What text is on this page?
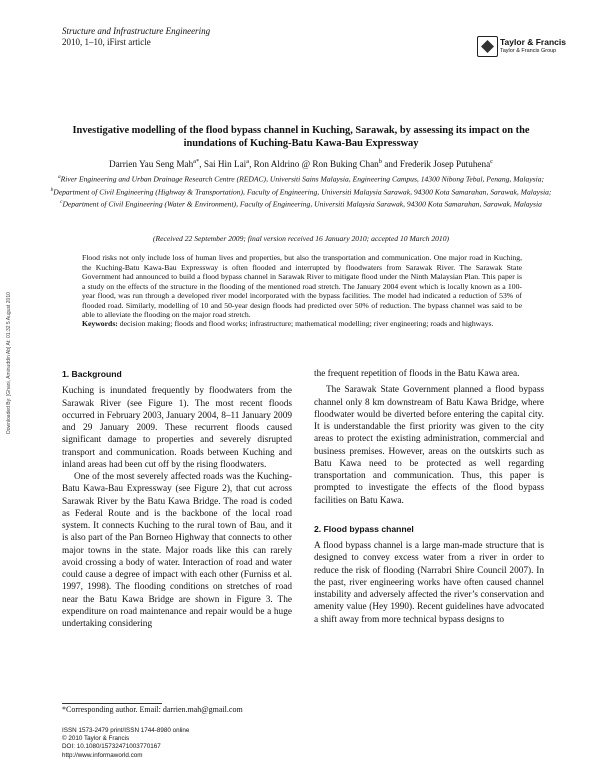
Structure and Infrastructure Engineering
2010, 1–10, iFirst article	Taylor & Francis
Taylor & Francis Group
Downloaded By: [Ghani, Aminuddin Ab] At: 01:32 5 August 2010
Investigative modelling of the flood bypass channel in Kuching, Sarawak, by assessing its impact on the inundations of Kuching-Batu Kawa-Bau Expressway
Darrien Yau Seng Mah$^{a*}$, Sai Hin Lai$^a$, Ron Aldrino @ Ron Buking Chan$^b$ and Frederik Josep Putuhena$^c$
$^a$River Engineering and Urban Drainage Research Centre (REDAC), Universiti Sains Malaysia, Engineering Campus, 14300 Nibong Tebal, Penang, Malaysia; $^b$Department of Civil Engineering (Highway & Transportation), Faculty of Engineering, Universiti Malaysia Sarawak, 94300 Kota Samarahan, Sarawak, Malaysia; $^c$Department of Civil Engineering (Water & Environment), Faculty of Engineering, Universiti Malaysia Sarawak, 94300 Kota Samarahan, Sarawak, Malaysia
(Received 22 September 2009; final version received 16 January 2010; accepted 10 March 2010)
Flood risks not only include loss of human lives and properties, but also the transportation and communication. One major road in Kuching, the Kuching-Batu Kawa-Bau Expressway is often flooded and interrupted by floodwaters from Sarawak River. The Sarawak State Government had announced to build a flood bypass channel in Sarawak River to mitigate flood under the Ninth Malaysian Plan. This paper is a study on the effects of the structure in the flooding of the mentioned road stretch. The January 2004 event which is locally known as a 100-year flood, was run through a developed river model incorporated with the bypass facilities. The model had indicated a reduction of 53% of flooded road. Similarly, modelling of 10 and 50-year design floods had predicted over 50% of reduction. The bypass channel was said to be able to alleviate the flooding on the major road stretch.
Keywords: decision making; floods and flood works; infrastructure; mathematical modelling; river engineering; roads and highways.
1. Background

Kuching is inundated frequently by floodwaters from the Sarawak River (see Figure 1). The most recent floods occurred in February 2003, January 2004, 8–11 January 2009 and 29 January 2009. These recurrent floods caused significant damage to properties and severely disrupted transport and communication. Roads between Kuching and inland areas had been cut off by the rising floodwaters.

One of the most severely affected roads was the Kuching-Batu Kawa-Bau Expressway (see Figure 2), that cut across Sarawak River by the Batu Kawa Bridge. The road is coded as Federal Route and is the backbone of the local road system. It connects Kuching to the rural town of Bau, and it is also part of the Pan Borneo Highway that connects to other major towns in the state. Major roads like this can rarely avoid crossing a body of water. Interaction of road and water could cause a degree of impact with each other (Furniss et al. 1997, 1998). The flooding conditions on stretches of road near the Batu Kawa Bridge are shown in Figure 3. The expenditure on road maintenance and repair would be a huge undertaking considering

the frequent repetition of floods in the Batu Kawa area.

The Sarawak State Government planned a flood bypass channel only 8 km downstream of Batu Kawa Bridge, where floodwater would be diverted before entering the capital city. It is understandable the first priority was given to the city areas to protect the existing administration, commercial and business premises. However, areas on the outskirts such as Batu Kawa need to be protected as well regarding transportation and communication. Thus, this paper is prompted to investigate the effects of the flood bypass facilities on Batu Kawa.

2. Flood bypass channel

A flood bypass channel is a large man-made structure that is designed to convey excess water from a river in order to reduce the risk of flooding (Narrabri Shire Council 2007). In the past, river engineering works have often caused channel instability and adversely affected the river’s conservation and amenity value (Hey 1990). Recent guidelines have advocated a shift away from more technical bypass designs to

*Corresponding author. Email: darrien.mah@gmail.com
ISSN 1573-2479 print/ISSN 1744-8980 online
© 2010 Taylor & Francis
DOI: 10.1080/15732471003770167
http://www.informaworld.com
